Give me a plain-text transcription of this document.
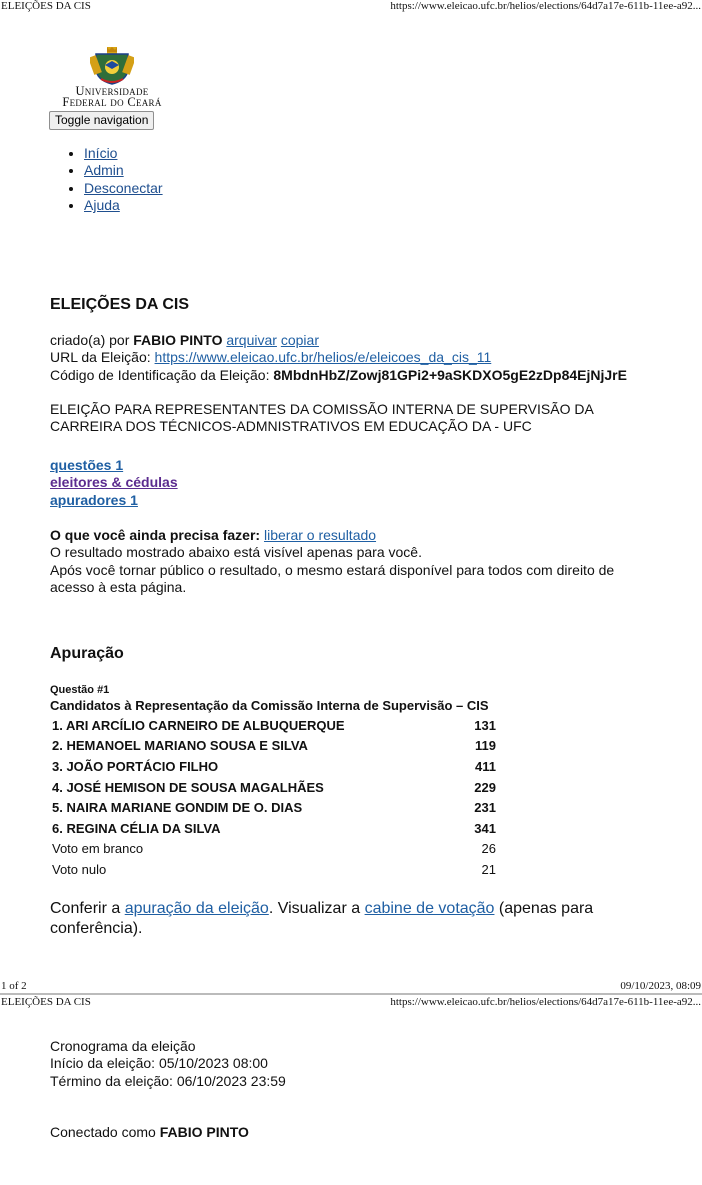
ELEIÇÕES DA CIS	https://www.eleicao.ufc.br/helios/elections/64d7a17e-611b-11ee-a92...
Universidade
Federal do Ceará
Toggle navigation
• Início
• Admin
• Desconectar
• Ajuda
ELEIÇÕES DA CIS
criado(a) por FABIO PINTO arquivar copiar
URL da Eleição: https://www.eleicao.ufc.br/helios/e/eleicoes_da_cis_11
Código de Identificação da Eleição: 8MbdnHbZ/Zowj81GPi2+9aSKDXO5gE2zDp84EjNjJrE
ELEIÇÃO PARA REPRESENTANTES DA COMISSÃO INTERNA DE SUPERVISÃO DA CARREIRA DOS TÉCNICOS-ADMNISTRATIVOS EM EDUCAÇÃO DA - UFC
questões 1
eleitores & cédulas
apuradores 1
O que você ainda precisa fazer: liberar o resultado
O resultado mostrado abaixo está visível apenas para você.
Após você tornar público o resultado, o mesmo estará disponível para todos com direito de acesso à esta página.
Apuração
Questão #1
Candidatos à Representação da Comissão Interna de Supervisão – CIS
1. ARI ARCÍLIO CARNEIRO DE ALBUQUERQUE	131
2. HEMANOEL MARIANO SOUSA E SILVA	119
3. JOÃO PORTÁCIO FILHO	411
4. JOSÉ HEMISON DE SOUSA MAGALHÃES	229
5. NAIRA MARIANE GONDIM DE O. DIAS	231
6. REGINA CÉLIA DA SILVA	341
Voto em branco	26
Voto nulo	21
Conferir a apuração da eleição. Visualizar a cabine de votação (apenas para conferência).
1 of 2	09/10/2023, 08:09
ELEIÇÕES DA CIS	https://www.eleicao.ufc.br/helios/elections/64d7a17e-611b-11ee-a92...
Cronograma da eleição
Início da eleição: 05/10/2023 08:00
Término da eleição: 06/10/2023 23:59
Conectado como FABIO PINTO
